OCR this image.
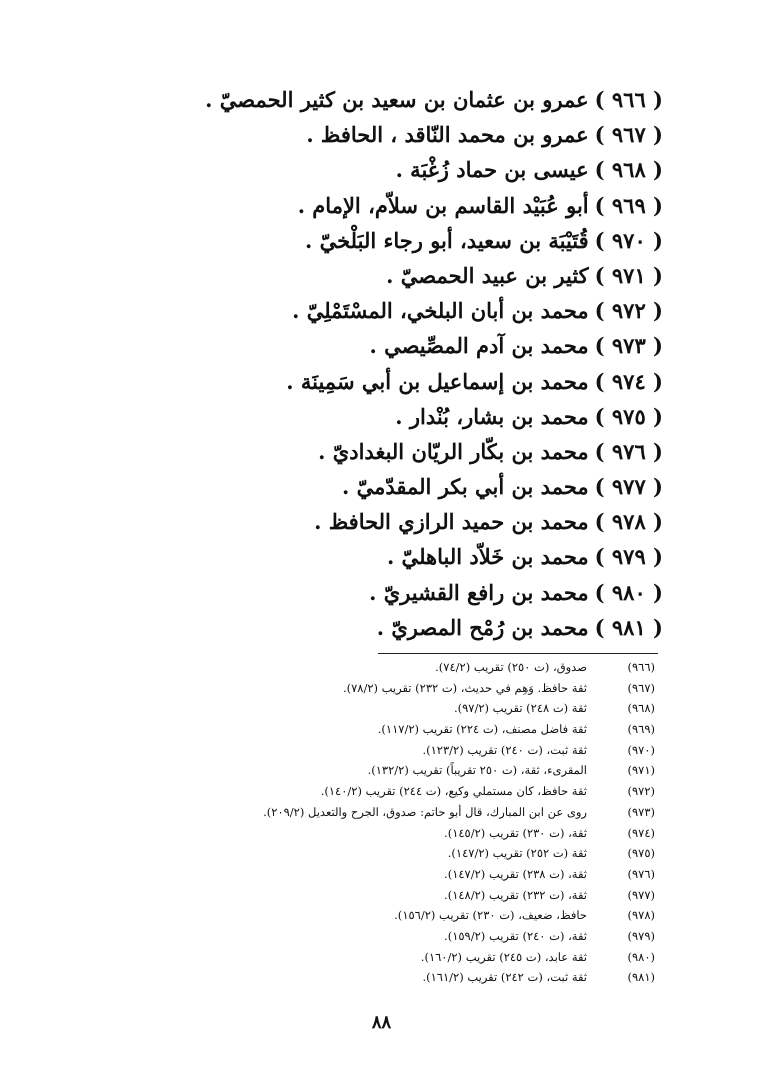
( ٩٦٦ )عمرو بن عثمان بن سعيد بن كثير الحمصيّ .
( ٩٦٧ )عمرو بن محمد النّاقد ، الحافظ .
( ٩٦٨ )عيسى بن حماد زُغْبَة .
( ٩٦٩ )أبو عُبَيْد القاسم بن سلاّم، الإمام .
( ٩٧٠ )قُتَيْبَة بن سعيد، أبو رجاء البَلْخيّ .
( ٩٧١ )كثير بن عبيد الحمصيّ .
( ٩٧٢ )محمد بن أبان البلخي، المسْتَمْلِيّ .
( ٩٧٣ )محمد بن آدم المصِّيصي .
( ٩٧٤ )محمد بن إسماعيل بن أبي سَمِينَة .
( ٩٧٥ )محمد بن بشار، بُنْدار .
( ٩٧٦ )محمد بن بكّار الريّان البغداديّ .
( ٩٧٧ )محمد بن أبي بكر المقدّميّ .
( ٩٧٨ )محمد بن حميد الرازي الحافظ .
( ٩٧٩ )محمد بن خَلاّد الباهليّ .
( ٩٨٠ )محمد بن رافع القشيريّ .
( ٩٨١ )محمد بن رُمْح المصريّ .
(٩٦٦)صدوق، (ت ٢٥٠) تقريب (٧٤/٢).
(٩٦٧)ثقة حافظ. وَهِم في حديث، (ت ٢٣٢) تقريب (٧٨/٢).
(٩٦٨)ثقة (ت ٢٤٨) تقريب (٩٧/٢).
(٩٦٩)ثقة فاضل مصنف، (ت ٢٢٤) تقريب (١١٧/٢).
(٩٧٠)ثقة ثبت، (ت ٢٤٠) تقريب (١٢٣/٢).
(٩٧١)المقرىء، ثقة، (ت ٢٥٠ تقريباً) تقريب (١٣٢/٢).
(٩٧٢)ثقة حافظ، كان مستملي وكيع، (ت ٢٤٤) تقريب (١٤٠/٢).
(٩٧٣)روى عن ابن المبارك، قال أبو حاتم: صدوق، الجرح والتعديل (٢٠٩/٢).
(٩٧٤)ثقة، (ت ٢٣٠) تقريب (١٤٥/٢).
(٩٧٥)ثقة (ت ٢٥٢) تقريب (١٤٧/٢).
(٩٧٦)ثقة، (ت ٢٣٨) تقريب (١٤٧/٢).
(٩٧٧)ثقة، (ت ٢٣٢) تقريب (١٤٨/٢).
(٩٧٨)حافظ، ضعيف، (ت ٢٣٠) تقريب (١٥٦/٢).
(٩٧٩)ثقة، (ت ٢٤٠) تقريب (١٥٩/٢).
(٩٨٠)ثقة عابد، (ت ٢٤٥) تقريب (١٦٠/٢).
(٩٨١)ثقة ثبت، (ت ٢٤٢) تقريب (١٦١/٢).
٨٨
